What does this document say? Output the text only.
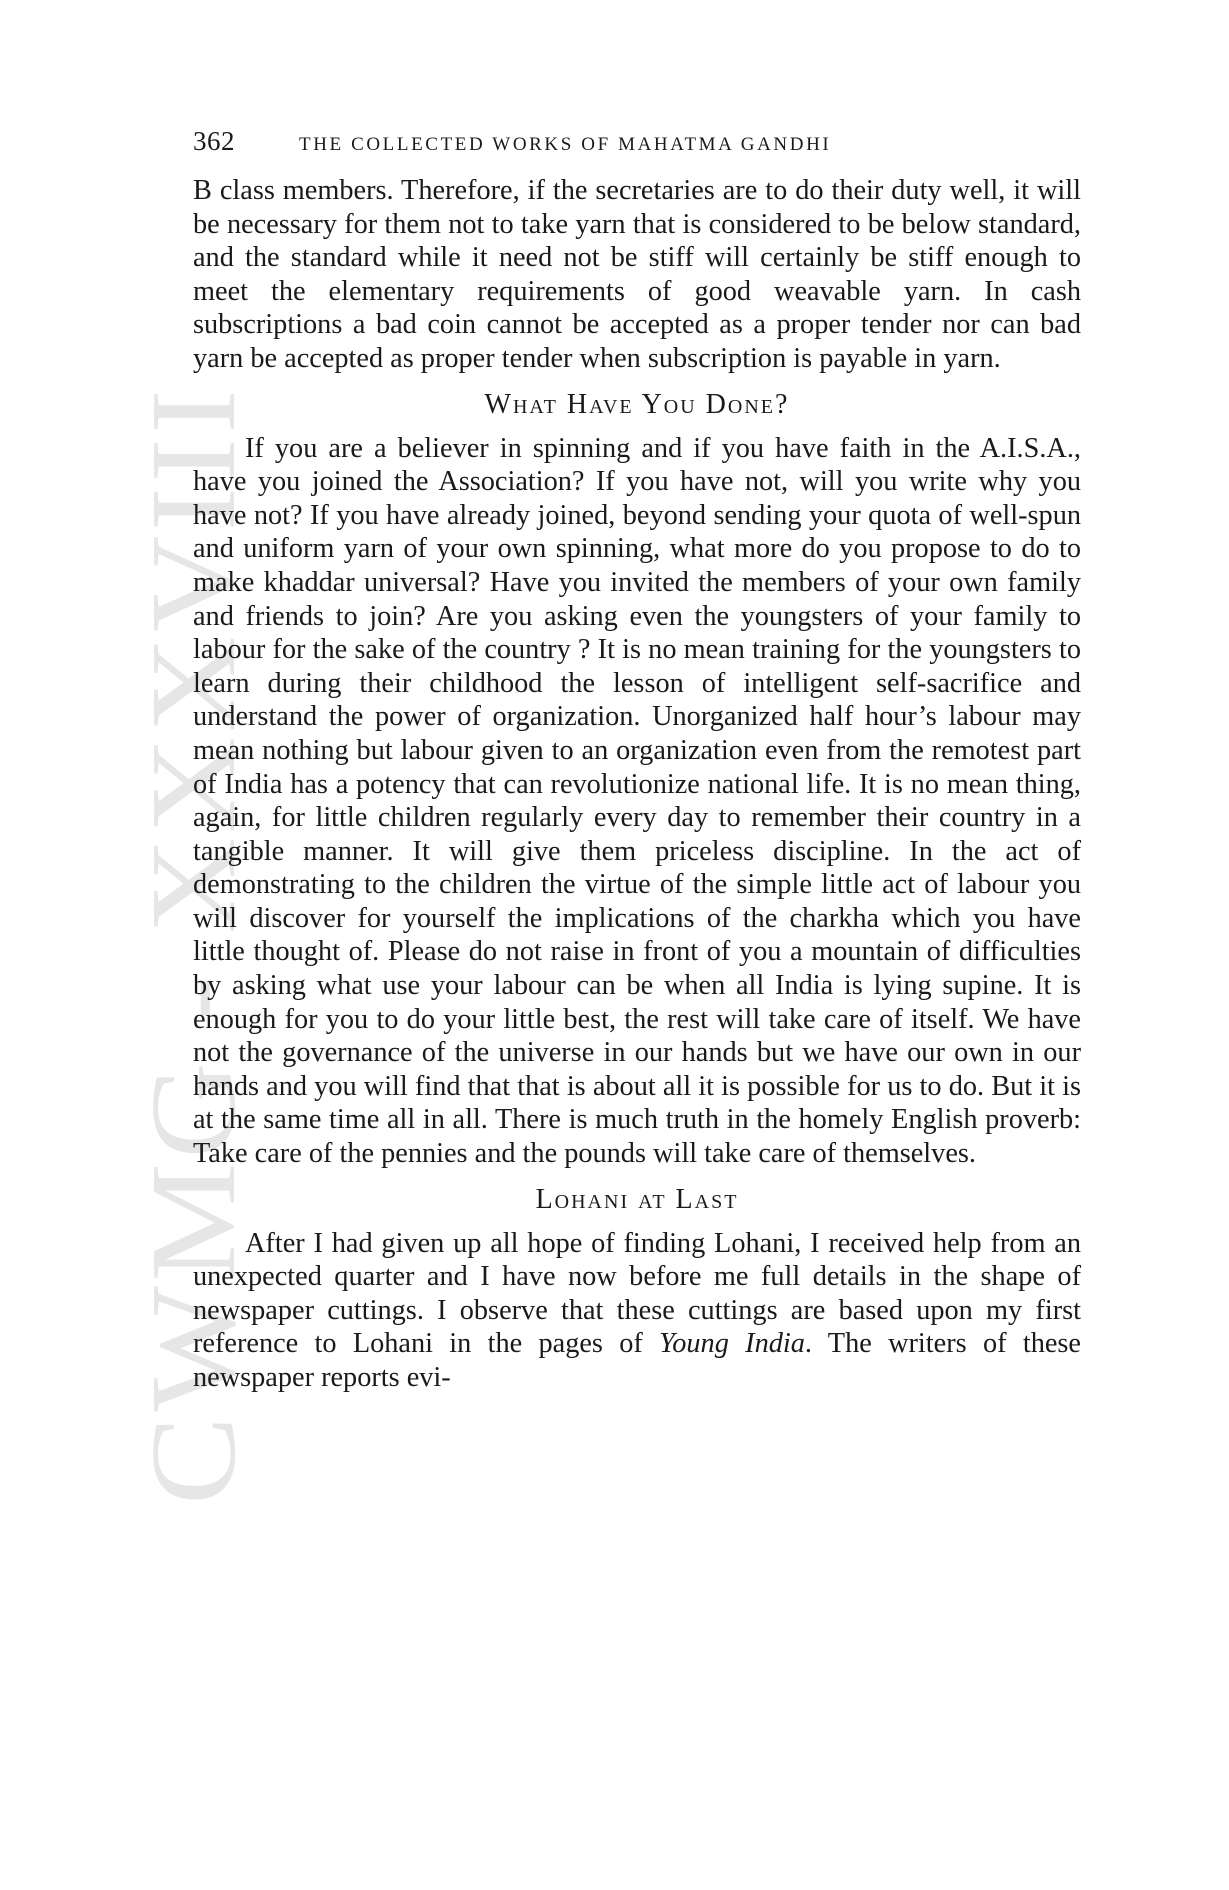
CWMG - XXXVIII
362	THE COLLECTED WORKS OF MAHATMA GANDHI

B class members. Therefore, if the secretaries are to do their duty well, it will be necessary for them not to take yarn that is considered to be below standard, and the standard while it need not be stiff will certainly be stiff enough to meet the elementary requirements of good weavable yarn. In cash subscriptions a bad coin cannot be accepted as a proper tender nor can bad yarn be accepted as proper tender when subscription is payable in yarn.

What Have You Done?

If you are a believer in spinning and if you have faith in the A.I.S.A., have you joined the Association? If you have not, will you write why you have not? If you have already joined, beyond sending your quota of well-spun and uniform yarn of your own spinning, what more do you propose to do to make khaddar universal? Have you invited the members of your own family and friends to join? Are you asking even the youngsters of your family to labour for the sake of the country ? It is no mean training for the youngsters to learn during their childhood the lesson of intelligent self-sacrifice and understand the power of organization. Unorganized half hour’s labour may mean nothing but labour given to an organization even from the remotest part of India has a potency that can revolutionize national life. It is no mean thing, again, for little children regularly every day to remember their country in a tangible manner. It will give them priceless discipline. In the act of demonstrating to the children the virtue of the simple little act of labour you will discover for yourself the implications of the charkha which you have little thought of. Please do not raise in front of you a mountain of difficulties by asking what use your labour can be when all India is lying supine. It is enough for you to do your little best, the rest will take care of itself. We have not the governance of the universe in our hands but we have our own in our hands and you will find that that is about all it is possible for us to do. But it is at the same time all in all. There is much truth in the homely English proverb: Take care of the pennies and the pounds will take care of themselves.

Lohani at Last

After I had given up all hope of finding Lohani, I received help from an unexpected quarter and I have now before me full details in the shape of newspaper cuttings. I observe that these cuttings are based upon my first reference to Lohani in the pages of Young India. The writers of these newspaper reports evi-
